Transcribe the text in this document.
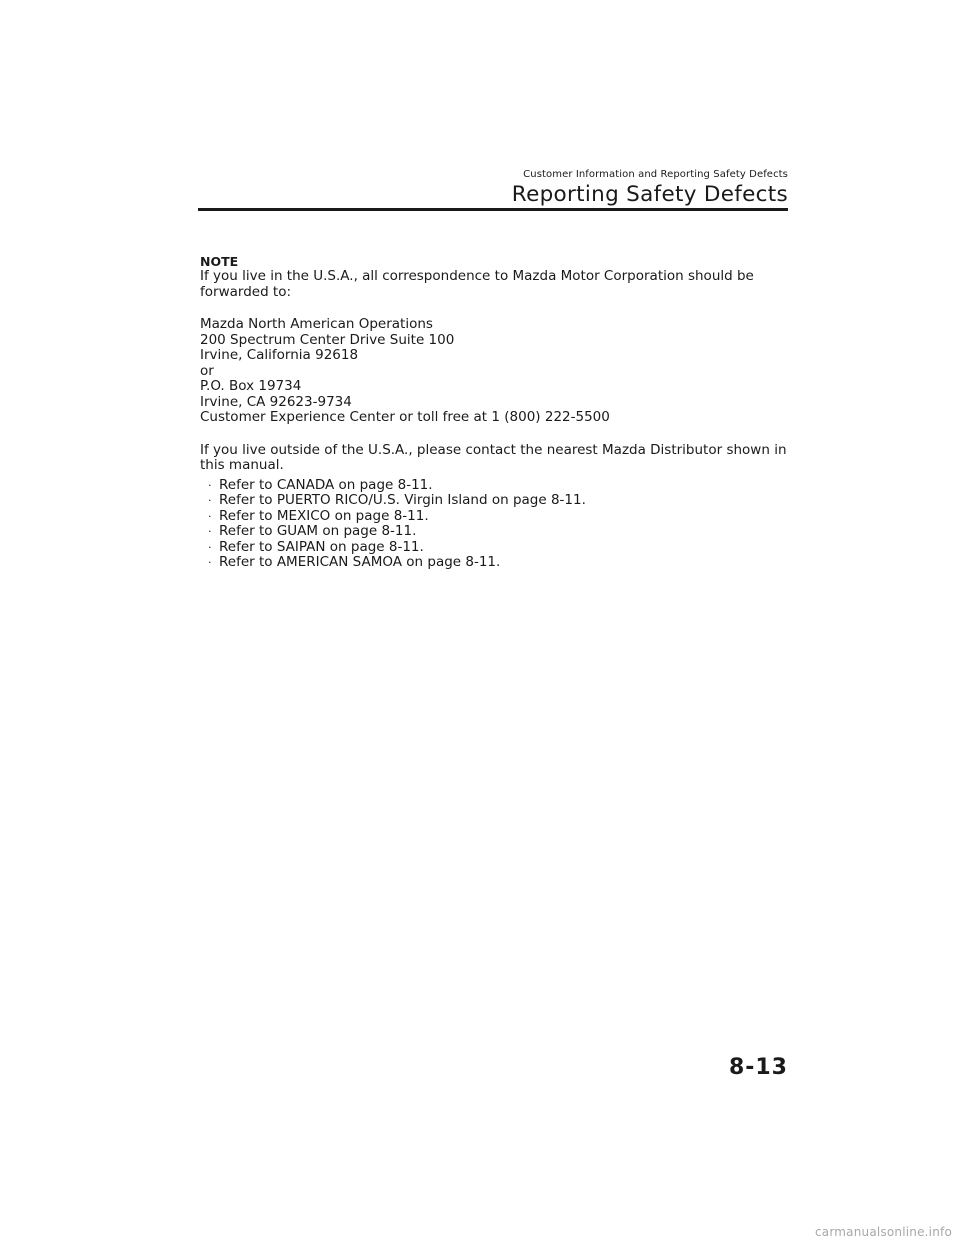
Customer Information and Reporting Safety Defects
Reporting Safety Defects
NOTE

If you live in the U.S.A., all correspondence to Mazda Motor Corporation should be forwarded to:

Mazda North American Operations
200 Spectrum Center Drive Suite 100
Irvine, California 92618
or
P.O. Box 19734
Irvine, CA 92623-9734
Customer Experience Center or toll free at 1 (800) 222-5500

If you live outside of the U.S.A., please contact the nearest Mazda Distributor shown in this manual.

· Refer to CANADA on page 8-11.
· Refer to PUERTO RICO/U.S. Virgin Island on page 8-11.
· Refer to MEXICO on page 8-11.
· Refer to GUAM on page 8-11.
· Refer to SAIPAN on page 8-11.
· Refer to AMERICAN SAMOA on page 8-11.
8-13
carmanualsonline.info
